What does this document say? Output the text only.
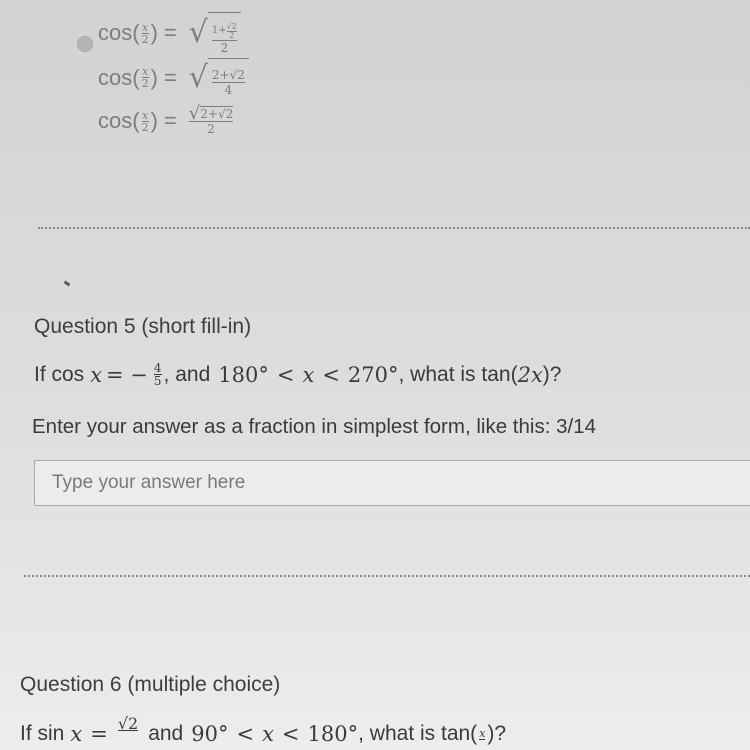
cos ( $\frac{x}{2}$ ) = √ 1+ √2
2
2
cos ( $\frac{x}{2}$ ) = √ $\frac{2+√2}{4}$
cos ( $\frac{x}{2}$ ) = $\frac{√ 2+√2}{2}$
Question 5 (short fill-in)
If cos x = − $\frac{4}{5}$ , and 180° < x < 270° , what is tan( 2x )?
Enter your answer as a fraction in simplest form, like this: 3/14
Type your answer here
Question 6 (multiple choice)
If sin x = √2 and 90° < x < 180° , what is tan( x )?
